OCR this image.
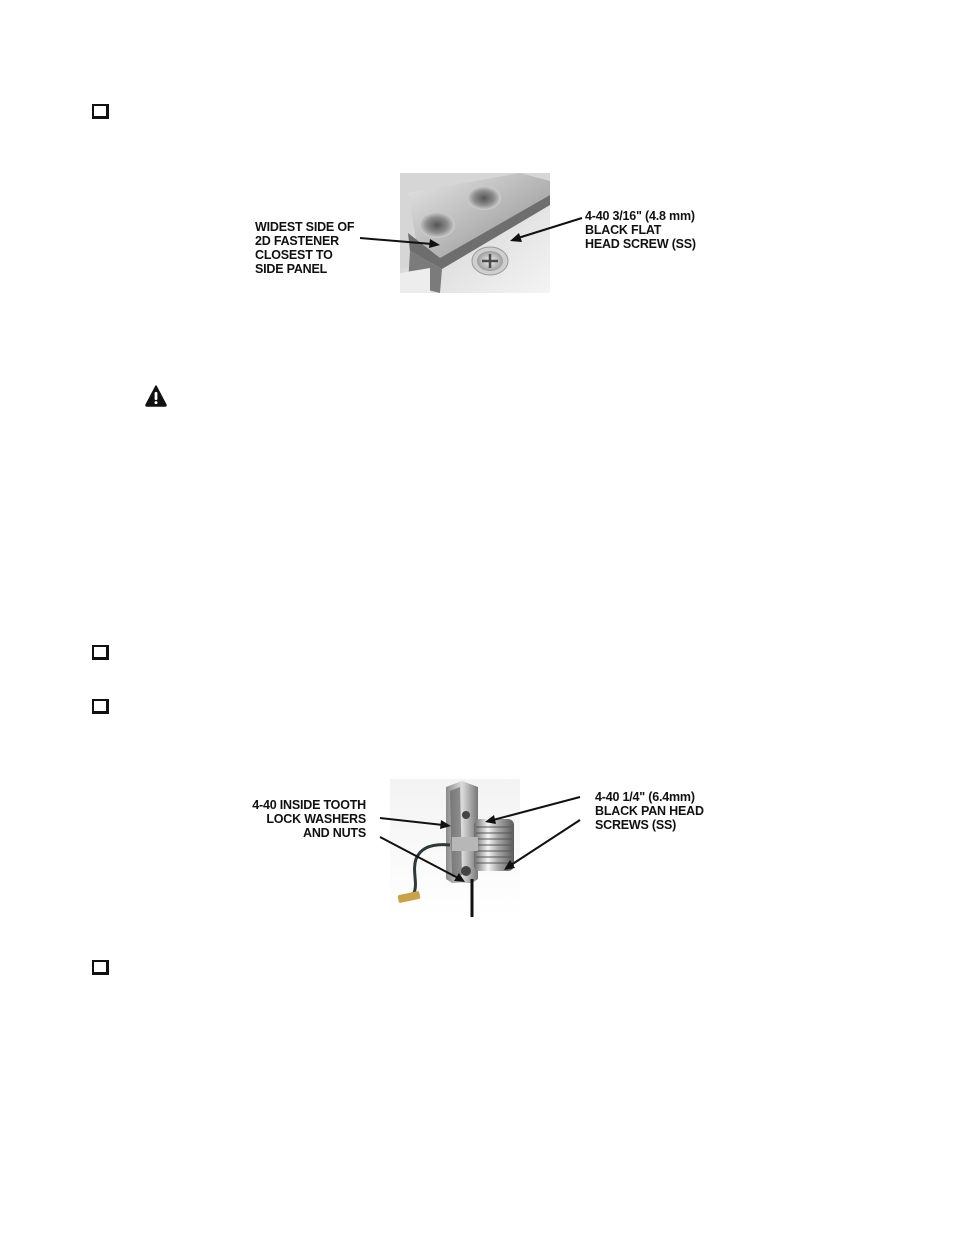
WIDEST SIDE OF
2D FASTENER
CLOSEST TO
SIDE PANEL
4-40 3/16" (4.8 mm)
BLACK FLAT
HEAD SCREW (SS)
4-40 INSIDE TOOTH
LOCK WASHERS
AND NUTS
4-40 1/4" (6.4mm)
BLACK PAN HEAD
SCREWS (SS)
